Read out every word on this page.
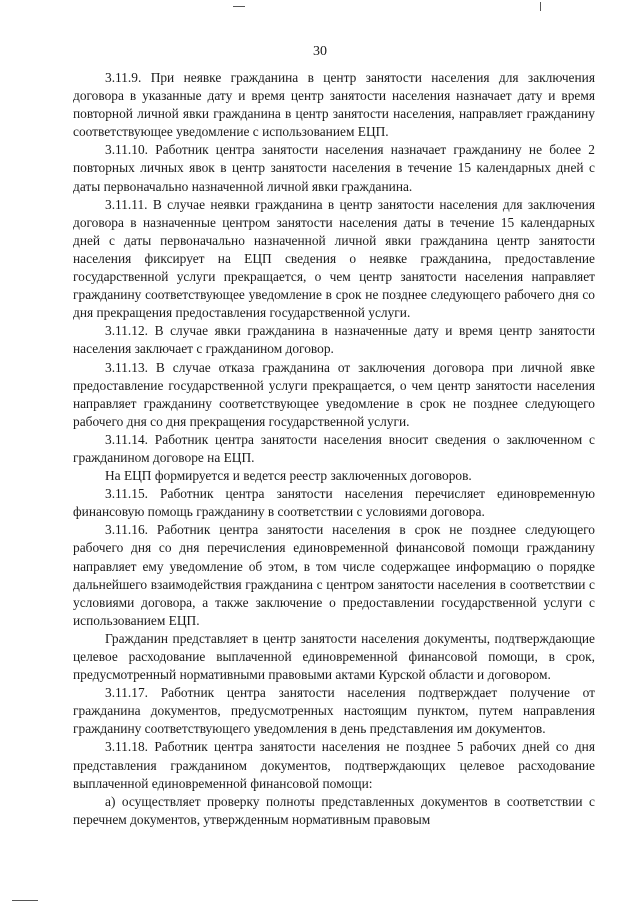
30

3.11.9. При неявке гражданина в центр занятости населения для заключения договора в указанные дату и время центр занятости населения назначает дату и время повторной личной явки гражданина в центр занятости населения, направляет гражданину соответствующее уведомление с использованием ЕЦП.

3.11.10. Работник центра занятости населения назначает гражданину не более 2 повторных личных явок в центр занятости населения в течение 15 календарных дней с даты первоначально назначенной личной явки гражданина.

3.11.11. В случае неявки гражданина в центр занятости населения для заключения договора в назначенные центром занятости населения даты в течение 15 календарных дней с даты первоначально назначенной личной явки гражданина центр занятости населения фиксирует на ЕЦП сведения о неявке гражданина, предоставление государственной услуги прекращается, о чем центр занятости населения направляет гражданину соответствующее уведомление в срок не позднее следующего рабочего дня со дня прекращения предоставления государственной услуги.

3.11.12. В случае явки гражданина в назначенные дату и время центр занятости населения заключает с гражданином договор.

3.11.13. В случае отказа гражданина от заключения договора при личной явке предоставление государственной услуги прекращается, о чем центр занятости населения направляет гражданину соответствующее уведомление в срок не позднее следующего рабочего дня со дня прекращения государственной услуги.

3.11.14. Работник центра занятости населения вносит сведения о заключенном с гражданином договоре на ЕЦП.

На ЕЦП формируется и ведется реестр заключенных договоров.

3.11.15. Работник центра занятости населения перечисляет единовременную финансовую помощь гражданину в соответствии с условиями договора.

3.11.16. Работник центра занятости населения в срок не позднее следующего рабочего дня со дня перечисления единовременной финансовой помощи гражданину направляет ему уведомление об этом, в том числе содержащее информацию о порядке дальнейшего взаимодействия гражданина с центром занятости населения в соответствии с условиями договора, а также заключение о предоставлении государственной услуги с использованием ЕЦП.

Гражданин представляет в центр занятости населения документы, подтверждающие целевое расходование выплаченной единовременной финансовой помощи, в срок, предусмотренный нормативными правовыми актами Курской области и договором.

3.11.17. Работник центра занятости населения подтверждает получение от гражданина документов, предусмотренных настоящим пунктом, путем направления гражданину соответствующего уведомления в день представления им документов.

3.11.18. Работник центра занятости населения не позднее 5 рабочих дней со дня представления гражданином документов, подтверждающих целевое расходование выплаченной единовременной финансовой помощи:

а) осуществляет проверку полноты представленных документов в соответствии с перечнем документов, утвержденным нормативным правовым
